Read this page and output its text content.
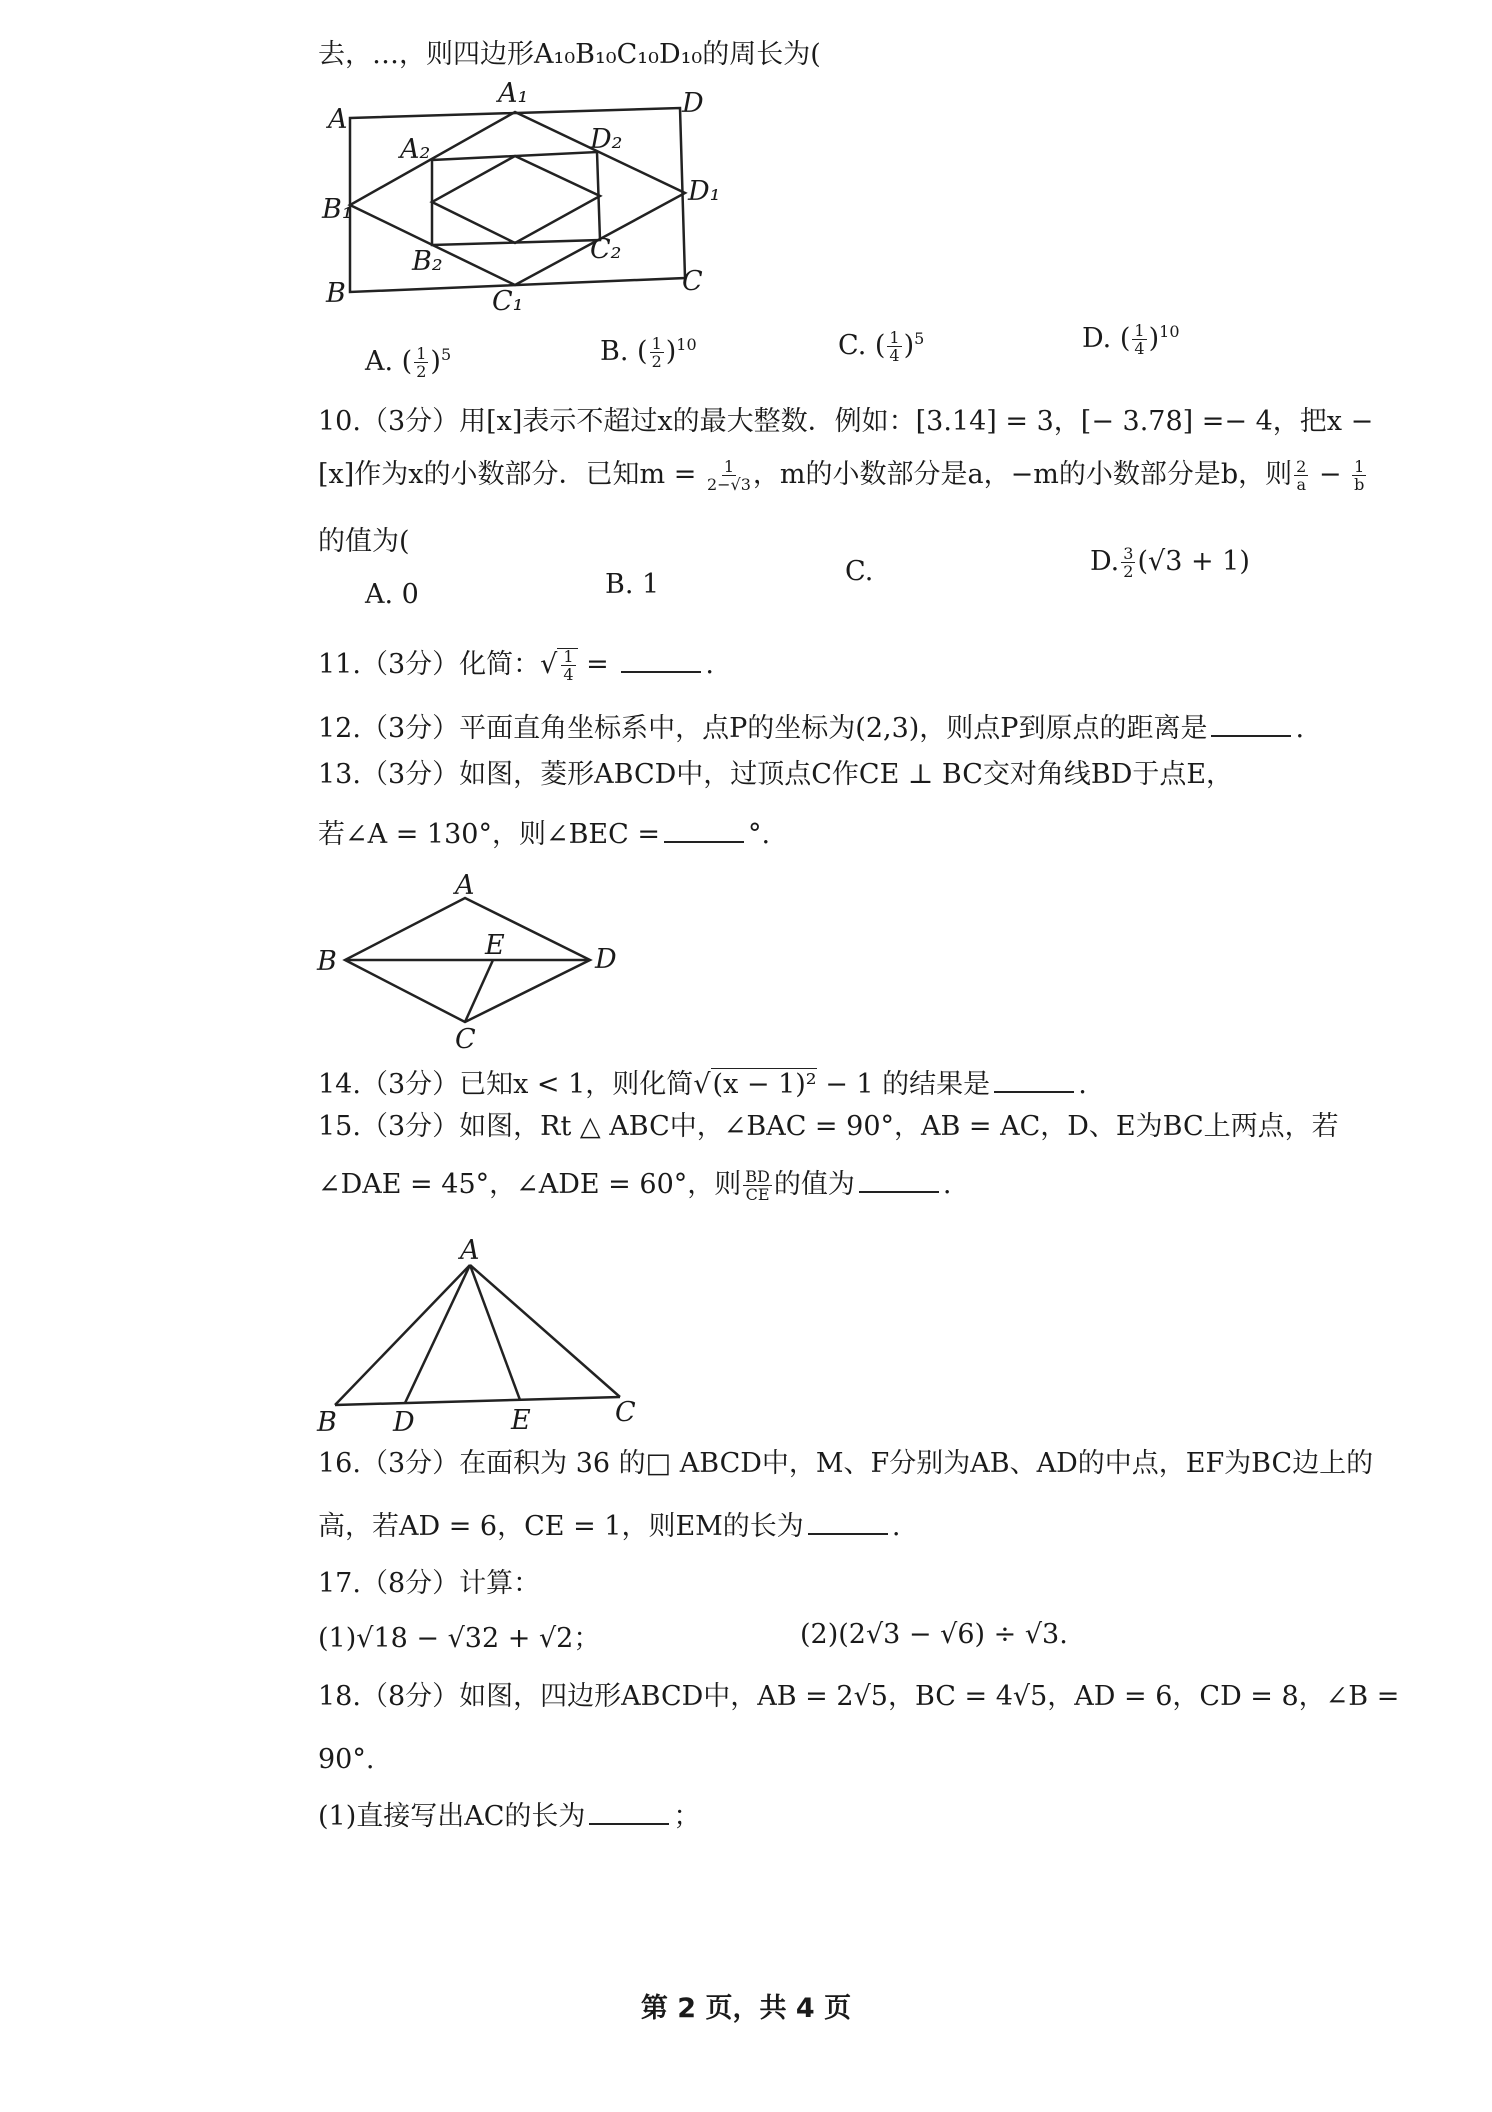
去，…，则四边形A₁₀B₁₀C₁₀D₁₀的周长为(
A
A₁	D
A₂	D₂
D₁
B₁
B₂	C₂
B	C₁
C
A. ( $\frac{1}{2} )^5$	B. ( $\frac{1}{2} )^{10}$	C. ( $\frac{1}{4} )^5$	D. ( $\frac{1}{4} )^{10}$
10.（3分）用[x]表示不超过x的最大整数．例如：[3.14] = 3，[− 3.78] =− 4，把x −
[x]作为x的小数部分．已知$m = \frac{1}{2-√3}$ ，m的小数部分是a，−m的小数部分是b，则 $\frac{2}{a} - \frac{1}{b}$
的值为(
A. 0	B. 1	C.	D. $\frac{3}{2} (√3 + 1)$
11.（3分）化简：√ $\frac{1}{4}$ =	.
12.（3分）平面直角坐标系中，点P的坐标为(2,3)，则点P到原点的距离是	.
13.（3分）如图，菱形ABCD中，过顶点C作CE ⊥ BC交对角线BD于点E，
若∠A = 130°，则∠BEC =	°.
A
B
E	D
C
14.（3分）已知x < 1，则化简√(x − 1)² − 1 的结果是	.
15.（3分）如图，Rt △ ABC中，∠BAC = 90°，AB = AC，D、E为BC上两点，若
∠DAE = 45°，∠ADE = 60°，则 $\frac{BD}{CE}$ 的值为	.
A
B D	E	C
16.（3分）在面积为 36 的□ ABCD中，M、F分别为AB、AD的中点，EF为BC边上的
高，若AD = 6，CE = 1，则EM的长为	.
17.（8分）计算：
(1)√18 − √32 + √2；	(2)(2√3 − √6) ÷ √3.
18.（8分）如图，四边形ABCD中，AB = 2√5，BC = 4√5，AD = 6，CD = 8，∠B =
90°.
(1)直接写出AC的长为	；
第 2 页，共 4 页
